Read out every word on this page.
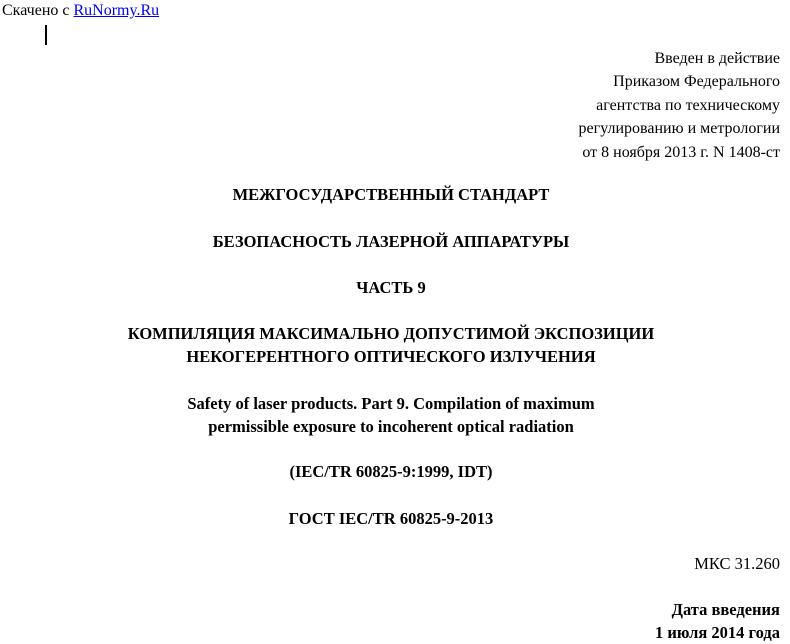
Скачено с RuNormy.Ru
Введен в действие
Приказом Федерального
агентства по техническому
регулированию и метрологии
от 8 ноября 2013 г. N 1408-ст
МЕЖГОСУДАРСТВЕННЫЙ СТАНДАРТ
БЕЗОПАСНОСТЬ ЛАЗЕРНОЙ АППАРАТУРЫ
ЧАСТЬ 9
КОМПИЛЯЦИЯ МАКСИМАЛЬНО ДОПУСТИМОЙ ЭКСПОЗИЦИИ
НЕКОГЕРЕНТНОГО ОПТИЧЕСКОГО ИЗЛУЧЕНИЯ
Safety of laser products. Part 9. Compilation of maximum
permissible exposure to incoherent optical radiation
(IEC/TR 60825-9:1999, IDT)
ГОСТ IEC/TR 60825-9-2013
МКС 31.260
Дата введения
1 июля 2014 года
